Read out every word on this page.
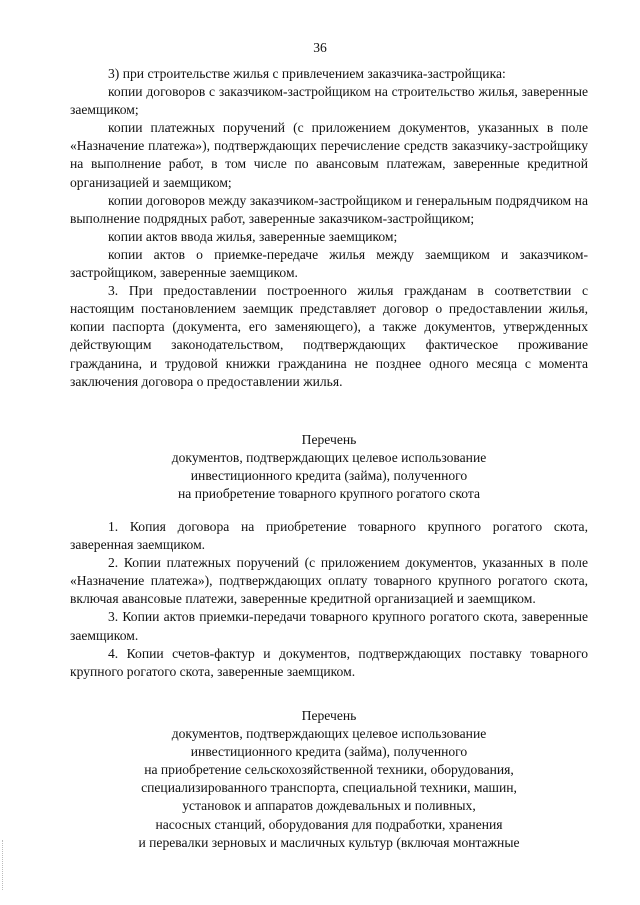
36

3) при строительстве жилья с привлечением заказчика-застройщика:

копии договоров с заказчиком-застройщиком на строительство жилья, заверенные заемщиком;

копии платежных поручений (с приложением документов, указанных в поле «Назначение платежа»), подтверждающих перечисление средств заказчику-застройщику на выполнение работ, в том числе по авансовым платежам, заверенные кредитной организацией и заемщиком;

копии договоров между заказчиком-застройщиком и генеральным подрядчиком на выполнение подрядных работ, заверенные заказчиком-застройщиком;

копии актов ввода жилья, заверенные заемщиком;

копии актов о приемке-передаче жилья между заемщиком и заказчиком-застройщиком, заверенные заемщиком.

3. При предоставлении построенного жилья гражданам в соответствии с настоящим постановлением заемщик представляет договор о предоставлении жилья, копии паспорта (документа, его заменяющего), а также документов, утвержденных действующим законодательством, подтверждающих фактическое проживание гражданина, и трудовой книжки гражданина не позднее одного месяца с момента заключения договора о предоставлении жилья.

Перечень
документов, подтверждающих целевое использование
инвестиционного кредита (займа), полученного
на приобретение товарного крупного рогатого скота

1. Копия договора на приобретение товарного крупного рогатого скота, заверенная заемщиком.

2. Копии платежных поручений (с приложением документов, указанных в поле «Назначение платежа»), подтверждающих оплату товарного крупного рогатого скота, включая авансовые платежи, заверенные кредитной организацией и заемщиком.

3. Копии актов приемки-передачи товарного крупного рогатого скота, заверенные заемщиком.

4. Копии счетов-фактур и документов, подтверждающих поставку товарного крупного рогатого скота, заверенные заемщиком.

Перечень
документов, подтверждающих целевое использование
инвестиционного кредита (займа), полученного
на приобретение сельскохозяйственной техники, оборудования,
специализированного транспорта, специальной техники, машин,
установок и аппаратов дождевальных и поливных,
насосных станций, оборудования для подработки, хранения
и перевалки зерновых и масличных культур (включая монтажные
